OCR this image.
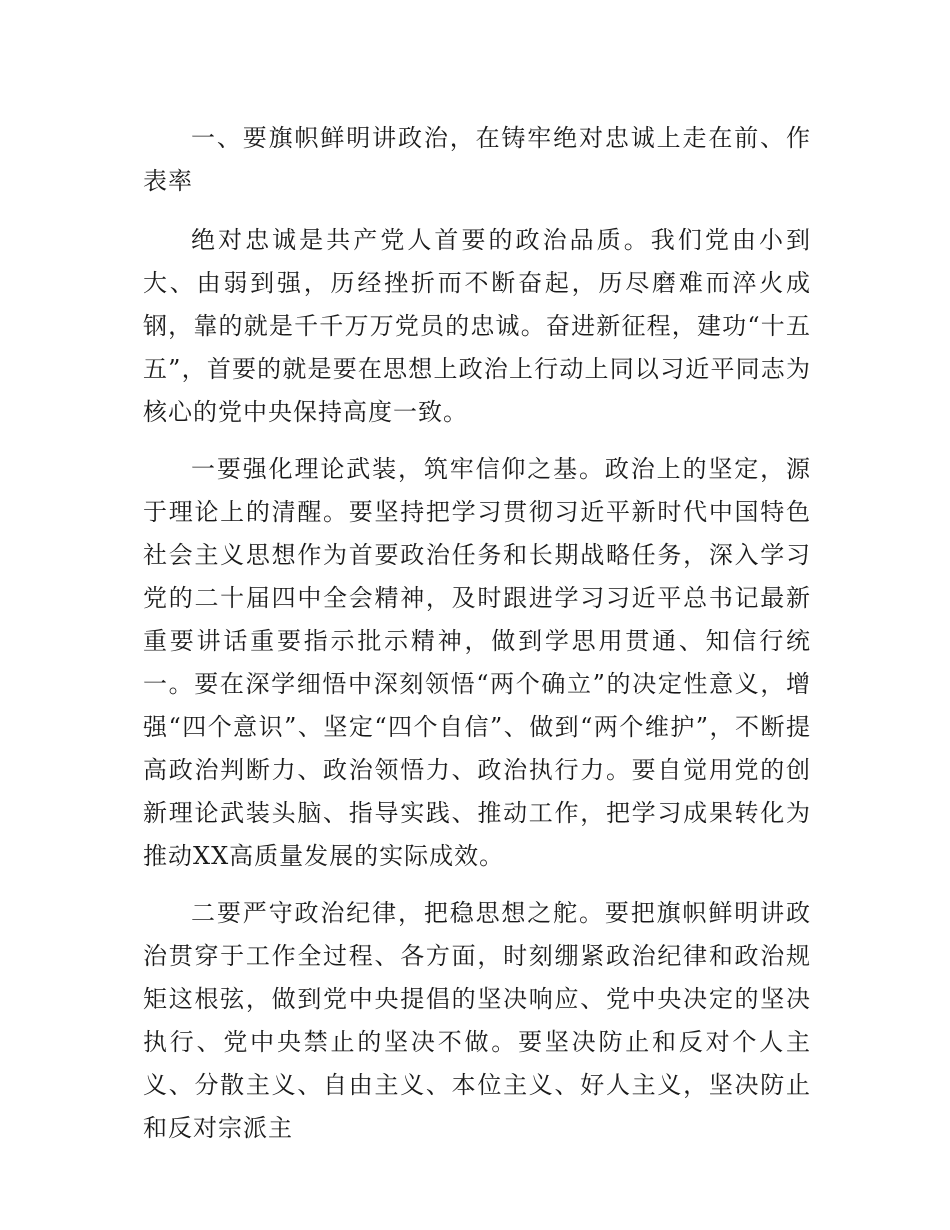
一、要旗帜鲜明讲政治，在铸牢绝对忠诚上走在前、作表率

绝对忠诚是共产党人首要的政治品质。我们党由小到大、由弱到强，历经挫折而不断奋起，历尽磨难而淬火成钢，靠的就是千千万万党员的忠诚。奋进新征程，建功“十五五”，首要的就是要在思想上政治上行动上同以习近平同志为核心的党中央保持高度一致。

一要强化理论武装，筑牢信仰之基。政治上的坚定，源于理论上的清醒。要坚持把学习贯彻习近平新时代中国特色社会主义思想作为首要政治任务和长期战略任务，深入学习党的二十届四中全会精神，及时跟进学习习近平总书记最新重要讲话重要指示批示精神，做到学思用贯通、知信行统一。要在深学细悟中深刻领悟“两个确立”的决定性意义，增强“四个意识”、坚定“四个自信”、做到“两个维护”，不断提高政治判断力、政治领悟力、政治执行力。要自觉用党的创新理论武装头脑、指导实践、推动工作，把学习成果转化为推动XX高质量发展的实际成效。

二要严守政治纪律，把稳思想之舵。要把旗帜鲜明讲政治贯穿于工作全过程、各方面，时刻绷紧政治纪律和政治规矩这根弦，做到党中央提倡的坚决响应、党中央决定的坚决执行、党中央禁止的坚决不做。要坚决防止和反对个人主义、分散主义、自由主义、本位主义、好人主义，坚决防止和反对宗派主
